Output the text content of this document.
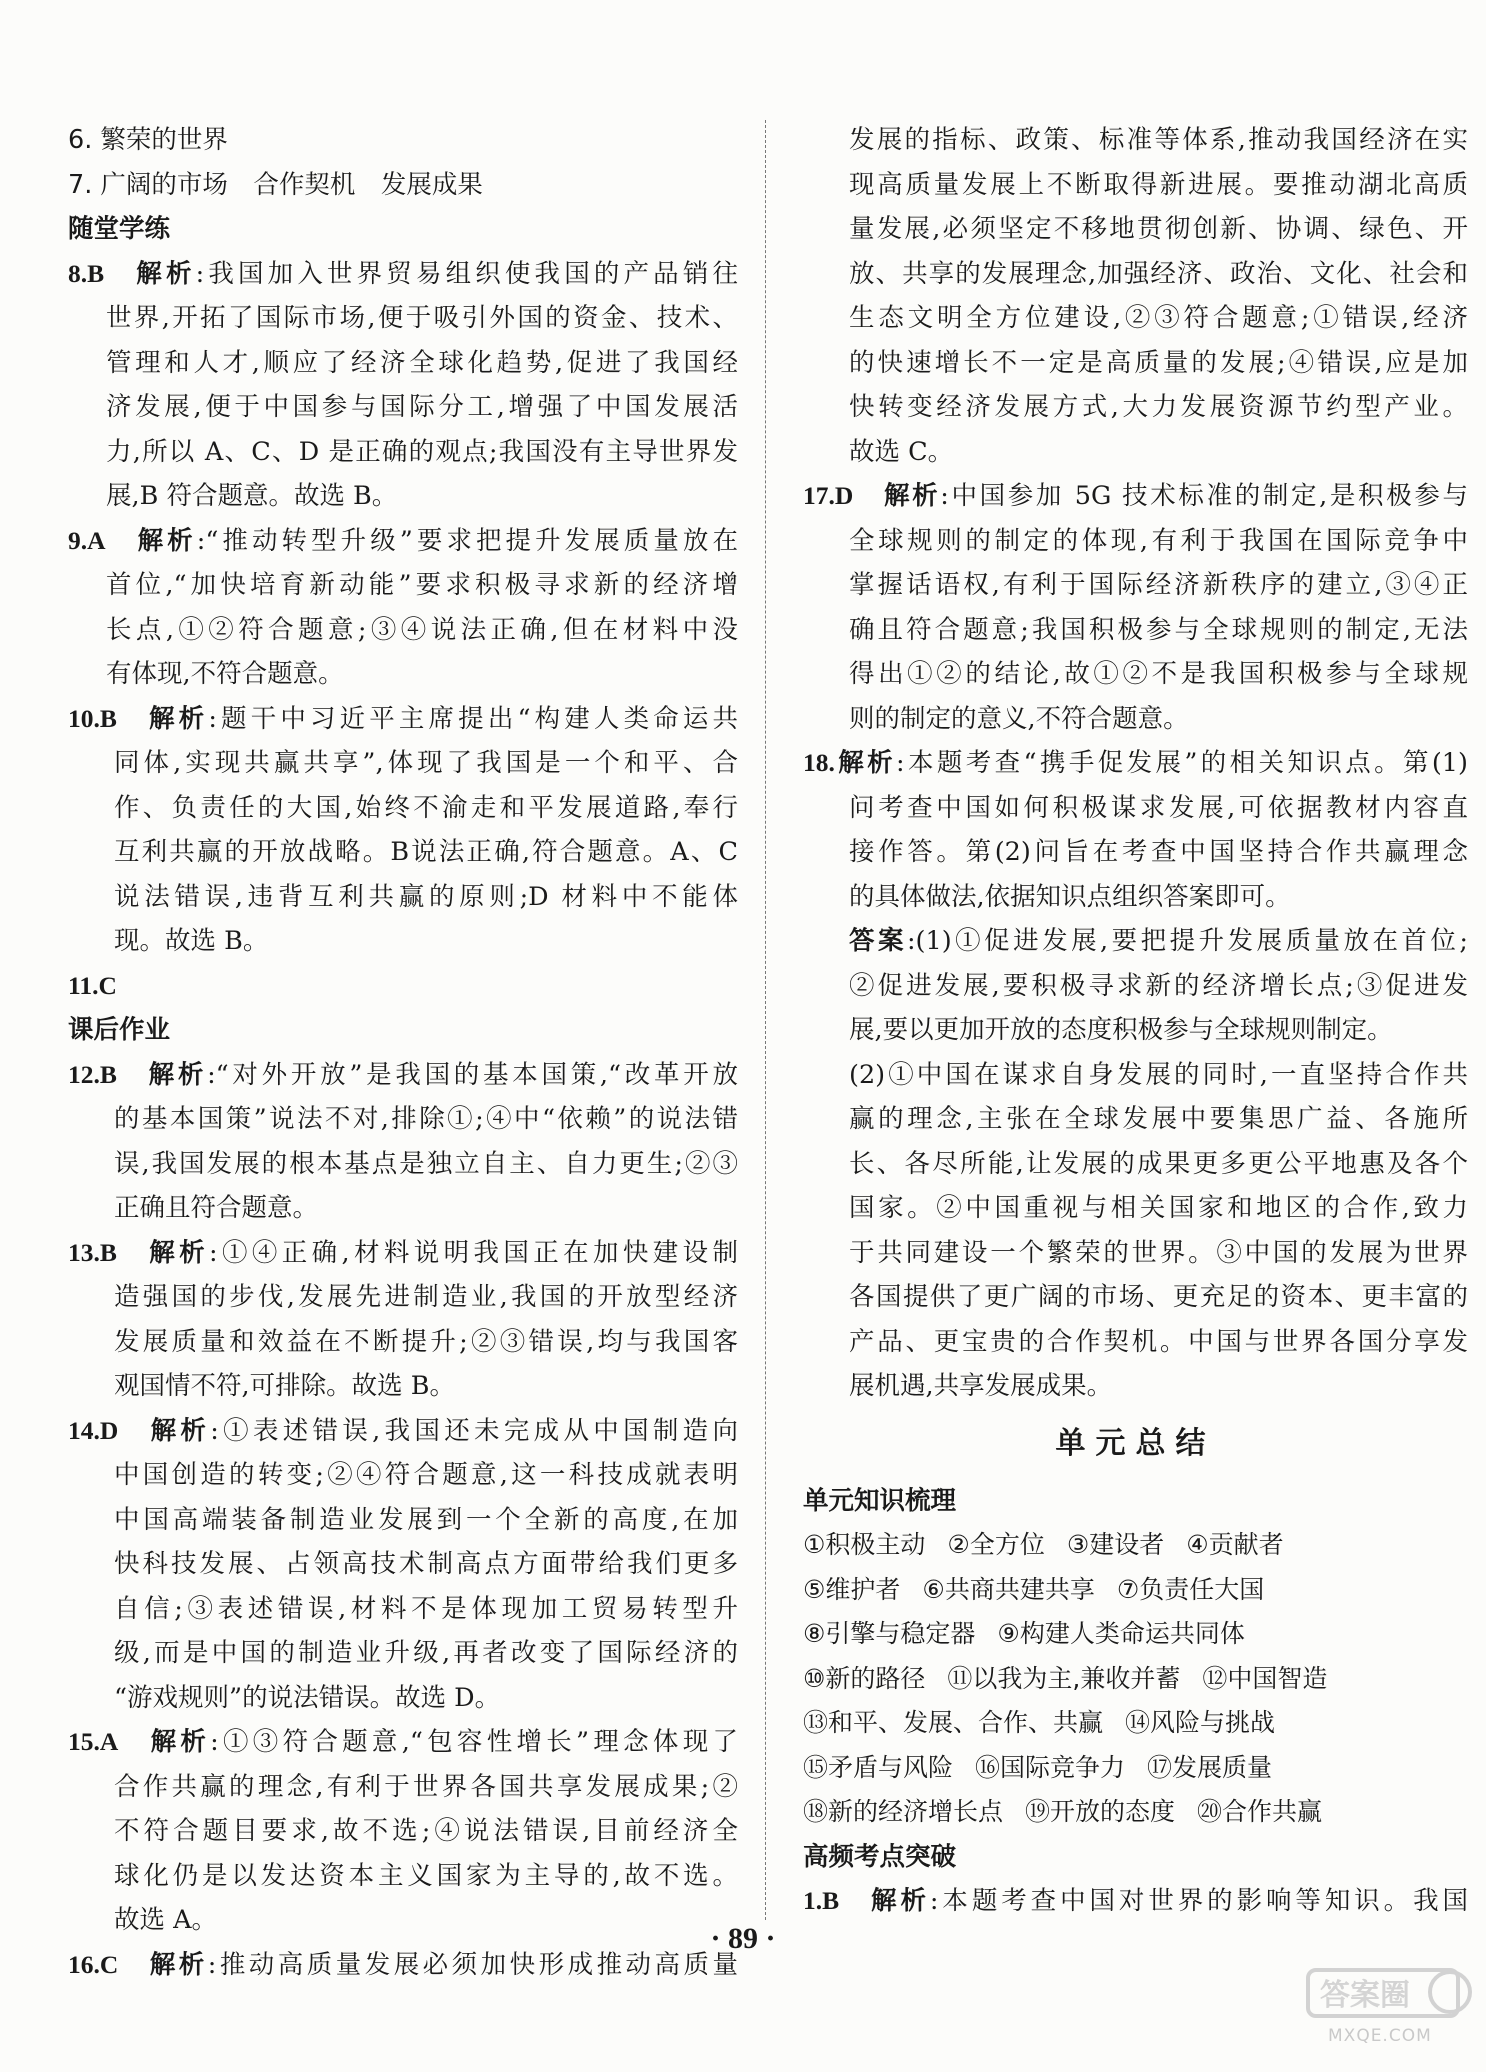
6. 繁荣的世界
7. 广阔的市场　合作契机　发展成果
随堂学练
8.B 解析:我国加入世界贸易组织使我国的产品销往
世界,开拓了国际市场,便于吸引外国的资金、技术、
管理和人才,顺应了经济全球化趋势,促进了我国经
济发展,便于中国参与国际分工,增强了中国发展活
力,所以 A、C、D 是正确的观点;我国没有主导世界发
展,B 符合题意。故选 B。
9.A 解析:“推动转型升级”要求把提升发展质量放在
首位,“加快培育新动能”要求积极寻求新的经济增
长点,①②符合题意;③④说法正确,但在材料中没
有体现,不符合题意。
10.B 解析:题干中习近平主席提出“构建人类命运共
同体,实现共赢共享”,体现了我国是一个和平、合
作、负责任的大国,始终不渝走和平发展道路,奉行
互利共赢的开放战略。B说法正确,符合题意。A、C
说法错误,违背互利共赢的原则;D 材料中不能体
现。故选 B。
11.C
课后作业
12.B 解析:“对外开放”是我国的基本国策,“改革开放
的基本国策”说法不对,排除①;④中“依赖”的说法错
误,我国发展的根本基点是独立自主、自力更生;②③
正确且符合题意。
13.B 解析:①④正确,材料说明我国正在加快建设制
造强国的步伐,发展先进制造业,我国的开放型经济
发展质量和效益在不断提升;②③错误,均与我国客
观国情不符,可排除。故选 B。
14.D 解析:①表述错误,我国还未完成从中国制造向
中国创造的转变;②④符合题意,这一科技成就表明
中国高端装备制造业发展到一个全新的高度,在加
快科技发展、占领高技术制高点方面带给我们更多
自信;③表述错误,材料不是体现加工贸易转型升
级,而是中国的制造业升级,再者改变了国际经济的
“游戏规则”的说法错误。故选 D。
15.A 解析:①③符合题意,“包容性增长”理念体现了
合作共赢的理念,有利于世界各国共享发展成果;②
不符合题目要求,故不选;④说法错误,目前经济全
球化仍是以发达资本主义国家为主导的,故不选。
故选 A。
16.C 解析:推动高质量发展必须加快形成推动高质量
发展的指标、政策、标准等体系,推动我国经济在实
现高质量发展上不断取得新进展。要推动湖北高质
量发展,必须坚定不移地贯彻创新、协调、绿色、开
放、共享的发展理念,加强经济、政治、文化、社会和
生态文明全方位建设,②③符合题意;①错误,经济
的快速增长不一定是高质量的发展;④错误,应是加
快转变经济发展方式,大力发展资源节约型产业。
故选 C。
17.D 解析:中国参加 5G 技术标准的制定,是积极参与
全球规则的制定的体现,有利于我国在国际竞争中
掌握话语权,有利于国际经济新秩序的建立,③④正
确且符合题意;我国积极参与全球规则的制定,无法
得出①②的结论,故①②不是我国积极参与全球规
则的制定的意义,不符合题意。
18.解析:本题考查“携手促发展”的相关知识点。第(1)
问考查中国如何积极谋求发展,可依据教材内容直
接作答。第(2)问旨在考查中国坚持合作共赢理念
的具体做法,依据知识点组织答案即可。
答案:(1)①促进发展,要把提升发展质量放在首位;
②促进发展,要积极寻求新的经济增长点;③促进发
展,要以更加开放的态度积极参与全球规则制定。
(2)①中国在谋求自身发展的同时,一直坚持合作共
赢的理念,主张在全球发展中要集思广益、各施所
长、各尽所能,让发展的成果更多更公平地惠及各个
国家。②中国重视与相关国家和地区的合作,致力
于共同建设一个繁荣的世界。③中国的发展为世界
各国提供了更广阔的市场、更充足的资本、更丰富的
产品、更宝贵的合作契机。中国与世界各国分享发
展机遇,共享发展成果。
单元总结
单元知识梳理
①积极主动 ②全方位 ③建设者 ④贡献者
⑤维护者 ⑥共商共建共享 ⑦负责任大国
⑧引擎与稳定器 ⑨构建人类命运共同体
⑩新的路径 ⑪以我为主,兼收并蓄 ⑫中国智造
⑬和平、发展、合作、共赢 ⑭风险与挑战
⑮矛盾与风险 ⑯国际竞争力 ⑰发展质量
⑱新的经济增长点 ⑲开放的态度 ⑳合作共赢
高频考点突破
1.B 解析:本题考查中国对世界的影响等知识。我国
· 89 ·
答案圈
MXQE.COM
